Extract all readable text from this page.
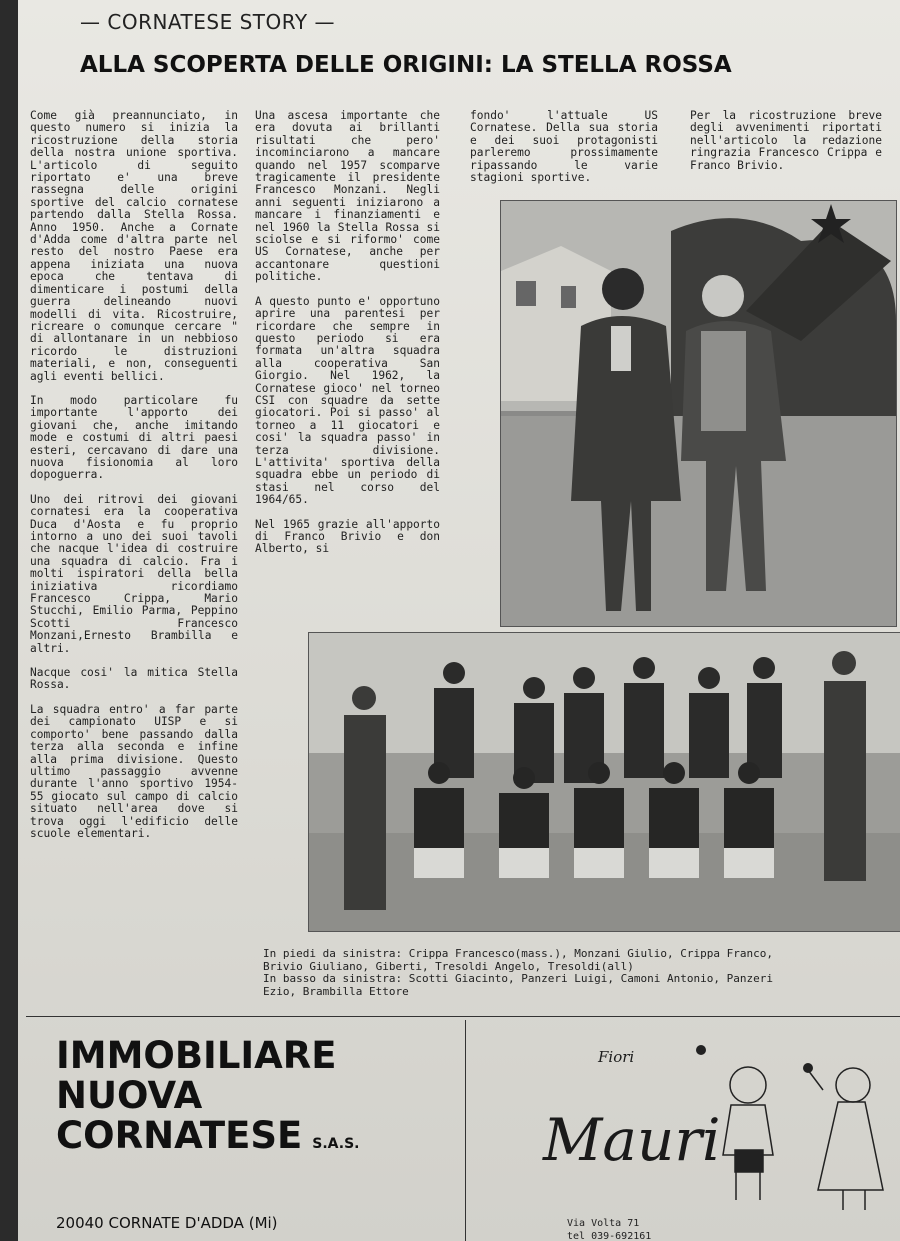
— CORNATESE STORY —
ALLA SCOPERTA DELLE ORIGINI: LA STELLA ROSSA

Come già preannunciato, in questo numero si inizia la ricostruzione della storia della nostra unione sportiva. L'articolo di seguito riportato e' una breve rassegna delle origini sportive del calcio cornatese partendo dalla Stella Rossa. Anno 1950. Anche a Cornate d'Adda come d'altra parte nel resto del nostro Paese era appena iniziata una nuova epoca che tentava di dimenticare i postumi della guerra delineando nuovi modelli di vita. Ricostruire, ricreare o comunque cercare " di allontanare in un nebbioso ricordo le distruzioni materiali, e non, conseguenti agli eventi bellici.

In modo particolare fu importante l'apporto dei giovani che, anche imitando mode e costumi di altri paesi esteri, cercavano di dare una nuova fisionomia al loro dopoguerra.

Uno dei ritrovi dei giovani cornatesi era la cooperativa Duca d'Aosta e fu proprio intorno a uno dei suoi tavoli che nacque l'idea di costruire una squadra di calcio. Fra i molti ispiratori della bella iniziativa ricordiamo Francesco Crippa, Mario Stucchi, Emilio Parma, Peppino Scotti Francesco Monzani,Ernesto Brambilla e altri.

Nacque cosi' la mitica Stella Rossa.

La squadra entro' a far parte dei campionato UISP e si comporto' bene passando dalla terza alla seconda e infine alla prima divisione. Questo ultimo passaggio avvenne durante l'anno sportivo 1954-55 giocato sul campo di calcio situato nell'area dove si trova oggi l'edificio delle scuole elementari.

Una ascesa importante che era dovuta ai brillanti risultati che pero' incominciarono a mancare quando nel 1957 scomparve tragicamente il presidente Francesco Monzani. Negli anni seguenti iniziarono a mancare i finanziamenti e nel 1960 la Stella Rossa si sciolse e si riformo' come US Cornatese, anche per accantonare questioni politiche.

A questo punto e' opportuno aprire una parentesi per ricordare che sempre in questo periodo si era formata un'altra squadra alla cooperativa San Giorgio. Nel 1962, la Cornatese gioco' nel torneo CSI con squadre da sette giocatori. Poi si passo' al torneo a 11 giocatori e cosi' la squadra passo' in terza divisione. L'attivita' sportiva della squadra ebbe un periodo di stasi nel corso del 1964/65.

Nel 1965 grazie all'apporto di Franco Brivio e don Alberto, si

fondo' l'attuale US Cornatese. Della sua storia e dei suoi protagonisti parleremo prossimamente ripassando le varie stagioni sportive.

Per la ricostruzione breve degli avvenimenti riportati nell'articolo la redazione ringrazia Francesco Crippa e Franco Brivio.

In piedi da sinistra: Crippa Francesco(mass.), Monzani Giulio, Crippa Franco,
Brivio Giuliano, Giberti, Tresoldi Angelo, Tresoldi(all)
In basso da sinistra: Scotti Giacinto, Panzeri Luigi, Camoni Antonio, Panzeri
Ezio, Brambilla Ettore
IMMOBILIARE
NUOVA
CORNATESE S.A.S.
20040 CORNATE D'ADDA (Mi)
Fiori
Mauri
Via Volta 71
tel 039-692161
